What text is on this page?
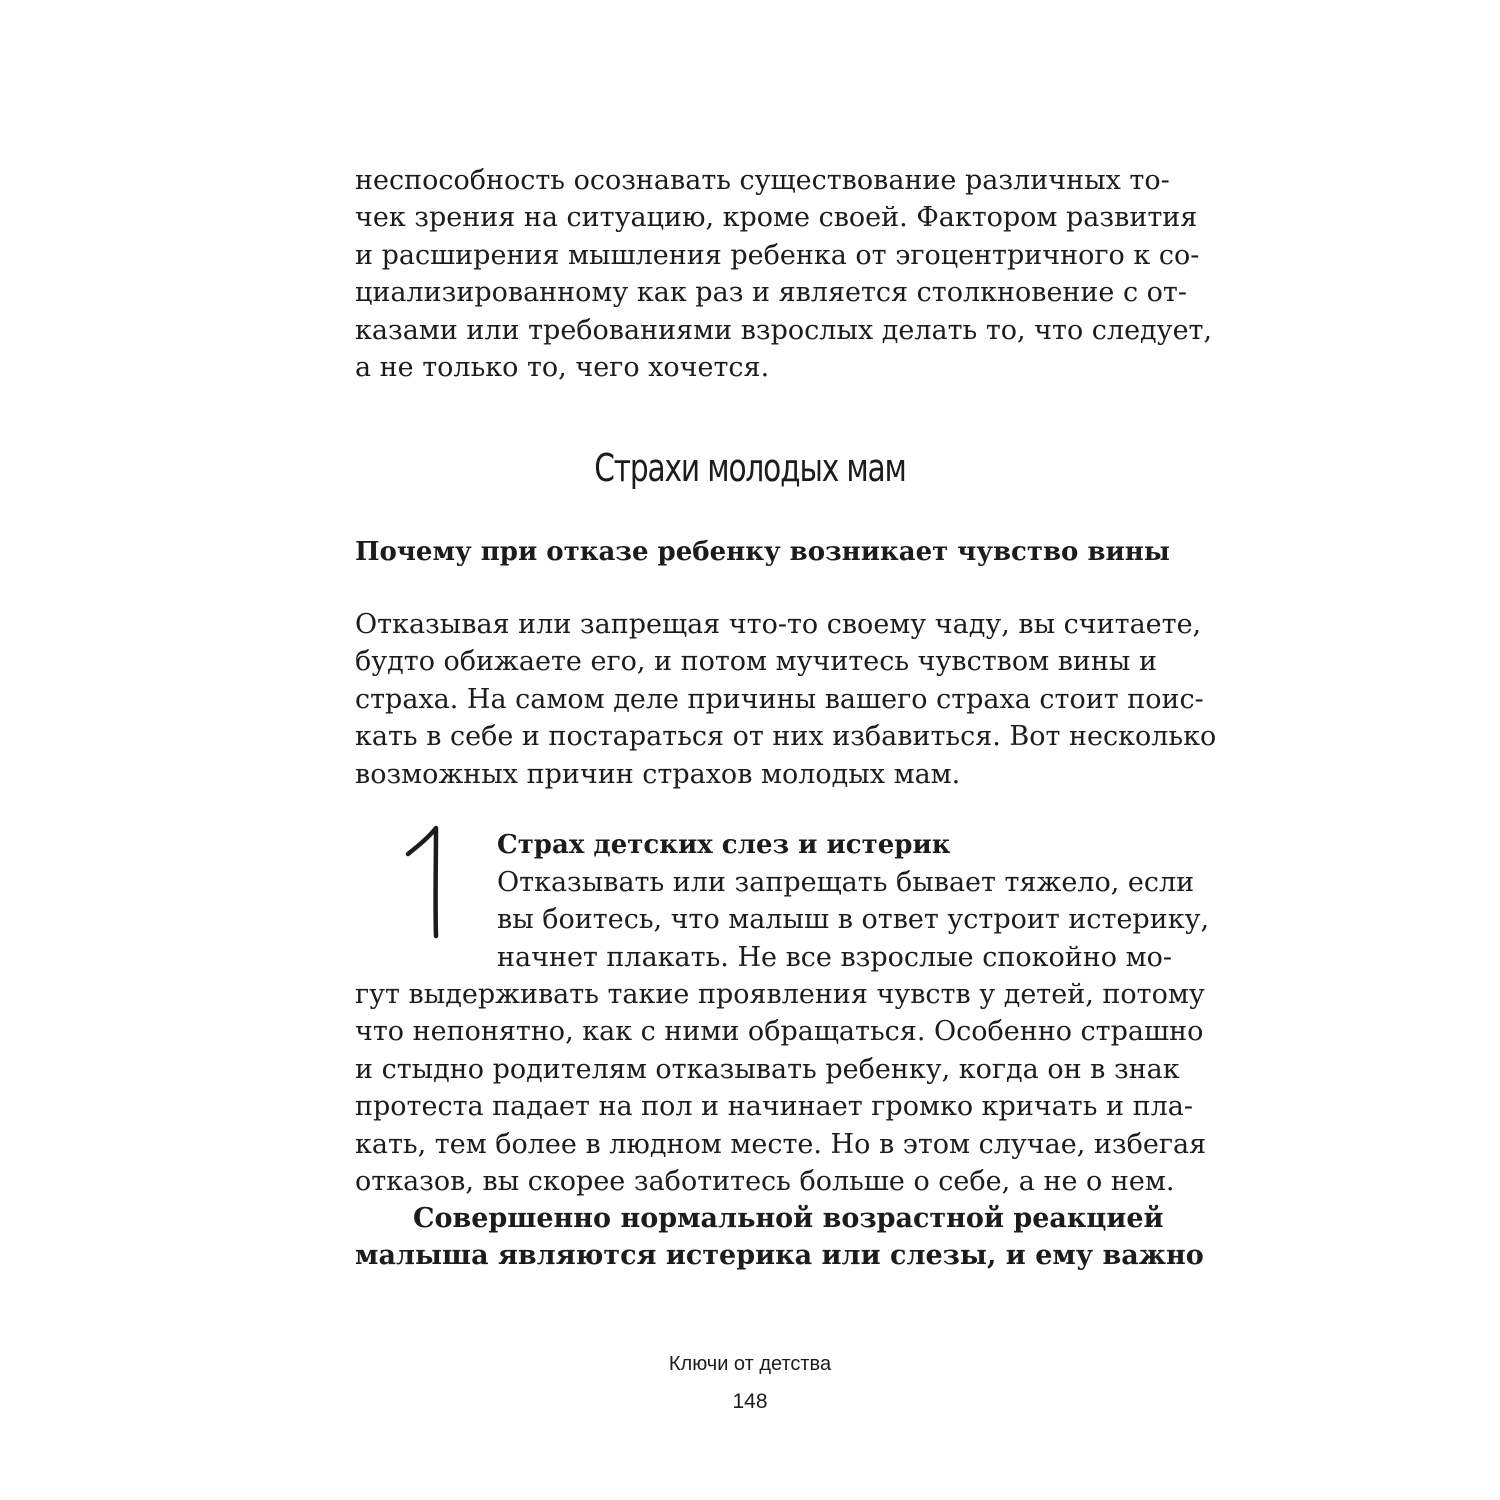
неспособность осознавать существование различных то-
чек зрения на ситуацию, кроме своей. Фактором развития
и расширения мышления ребенка от эгоцентричного к со-
циализированному как раз и является столкновение с от-
казами или требованиями взрослых делать то, что следует,
а не только то, чего хочется.
Страхи молодых мам
Почему при отказе ребенку возникает чувство вины
Отказывая или запрещая что-то своему чаду, вы считаете,
будто обижаете его, и потом мучитесь чувством вины и
страха. На самом деле причины вашего страха стоит поис-
кать в себе и постараться от них избавиться. Вот несколько
возможных причин страхов молодых мам.
Страх детских слез и истерик
Отказывать или запрещать бывает тяжело, если
вы боитесь, что малыш в ответ устроит истерику,
начнет плакать. Не все взрослые спокойно мо-
гут выдерживать такие проявления чувств у детей, потому
что непонятно, как с ними обращаться. Особенно страшно
и стыдно родителям отказывать ребенку, когда он в знак
протеста падает на пол и начинает громко кричать и пла-
кать, тем более в людном месте. Но в этом случае, избегая
отказов, вы скорее заботитесь больше о себе, а не о нем.
Совершенно нормальной возрастной реакцией
малыша являются истерика или слезы, и ему важно
Ключи от детства
148
